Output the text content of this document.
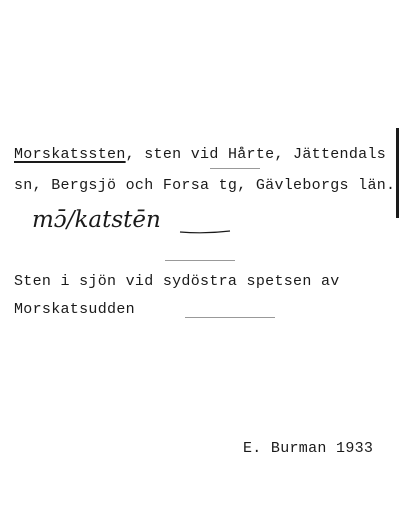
Morskatssten, sten vid Hårte, Jättendals
sn, Bergsjö och Forsa tg, Gävleborgs län.
mɔ̄/katstēn
Sten i sjön vid sydöstra spetsen av
Morskatsudden
E. Burman 1933
